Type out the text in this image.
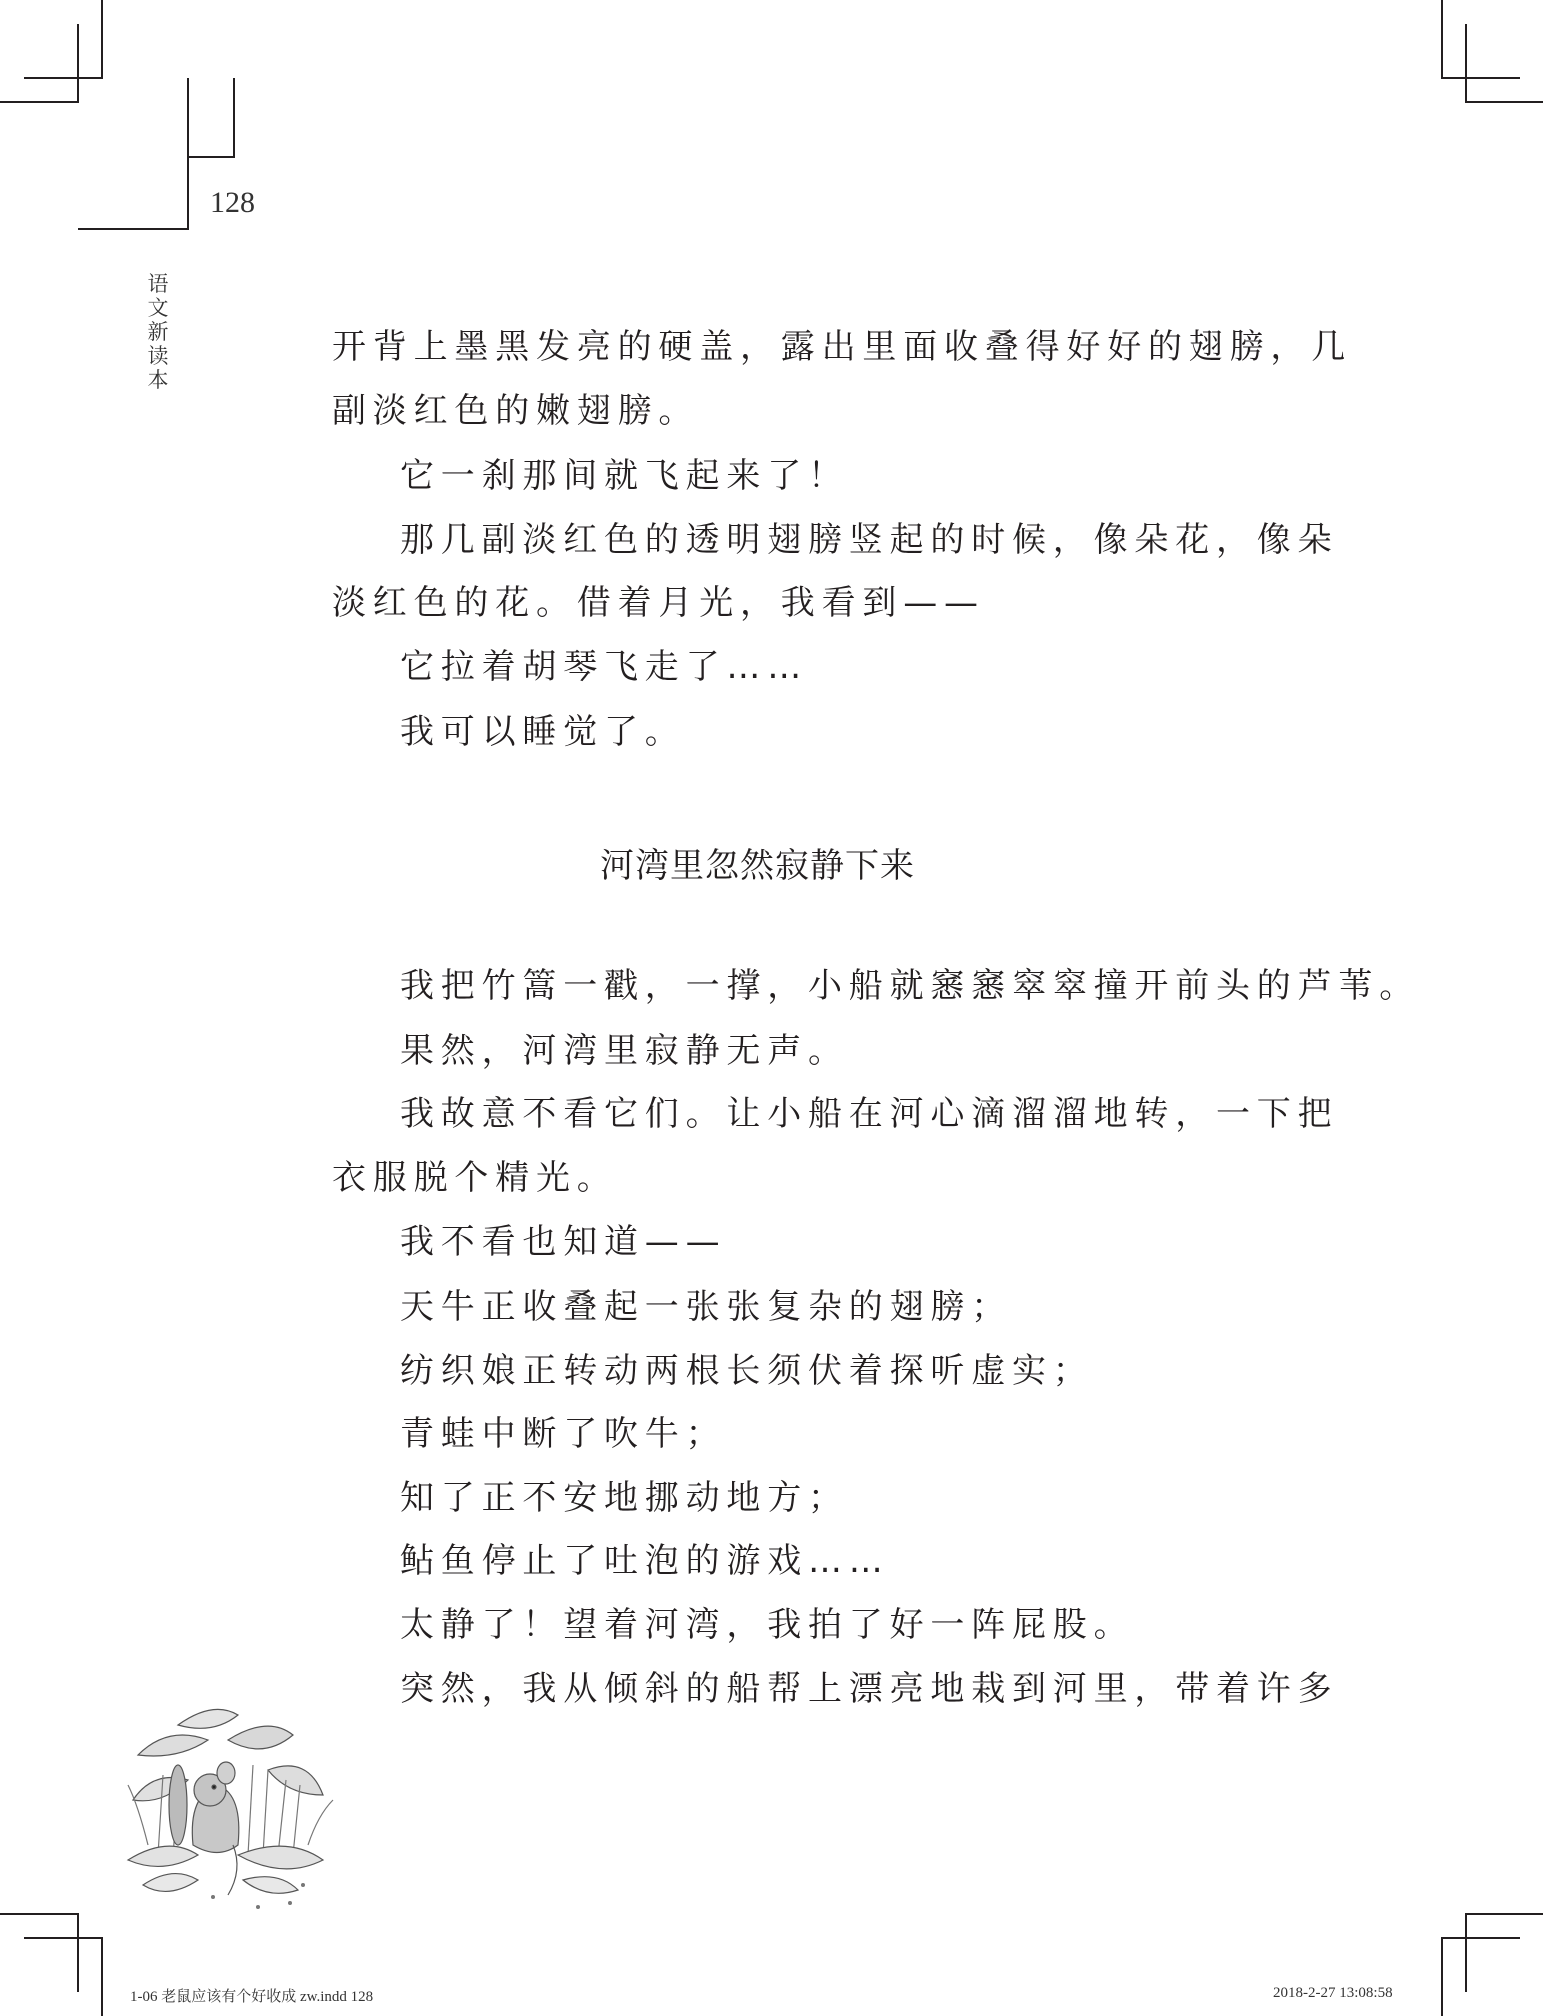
128
语文新读本
开背上墨黑发亮的硬盖，露出里面收叠得好好的翅膀，几
副淡红色的嫩翅膀。
它一刹那间就飞起来了！
那几副淡红色的透明翅膀竖起的时候，像朵花，像朵
淡红色的花。借着月光，我看到——
它拉着胡琴飞走了……
我可以睡觉了。
河湾里忽然寂静下来
我把竹篙一戳，一撑，小船就窸窸窣窣撞开前头的芦苇。
果然，河湾里寂静无声。
我故意不看它们。让小船在河心滴溜溜地转，一下把
衣服脱个精光。
我不看也知道——
天牛正收叠起一张张复杂的翅膀；
纺织娘正转动两根长须伏着探听虚实；
青蛙中断了吹牛；
知了正不安地挪动地方；
鲇鱼停止了吐泡的游戏……
太静了！望着河湾，我拍了好一阵屁股。
突然，我从倾斜的船帮上漂亮地栽到河里，带着许多
1-06 老鼠应该有个好收成 zw.indd 128	2018-2-27 13:08:58
